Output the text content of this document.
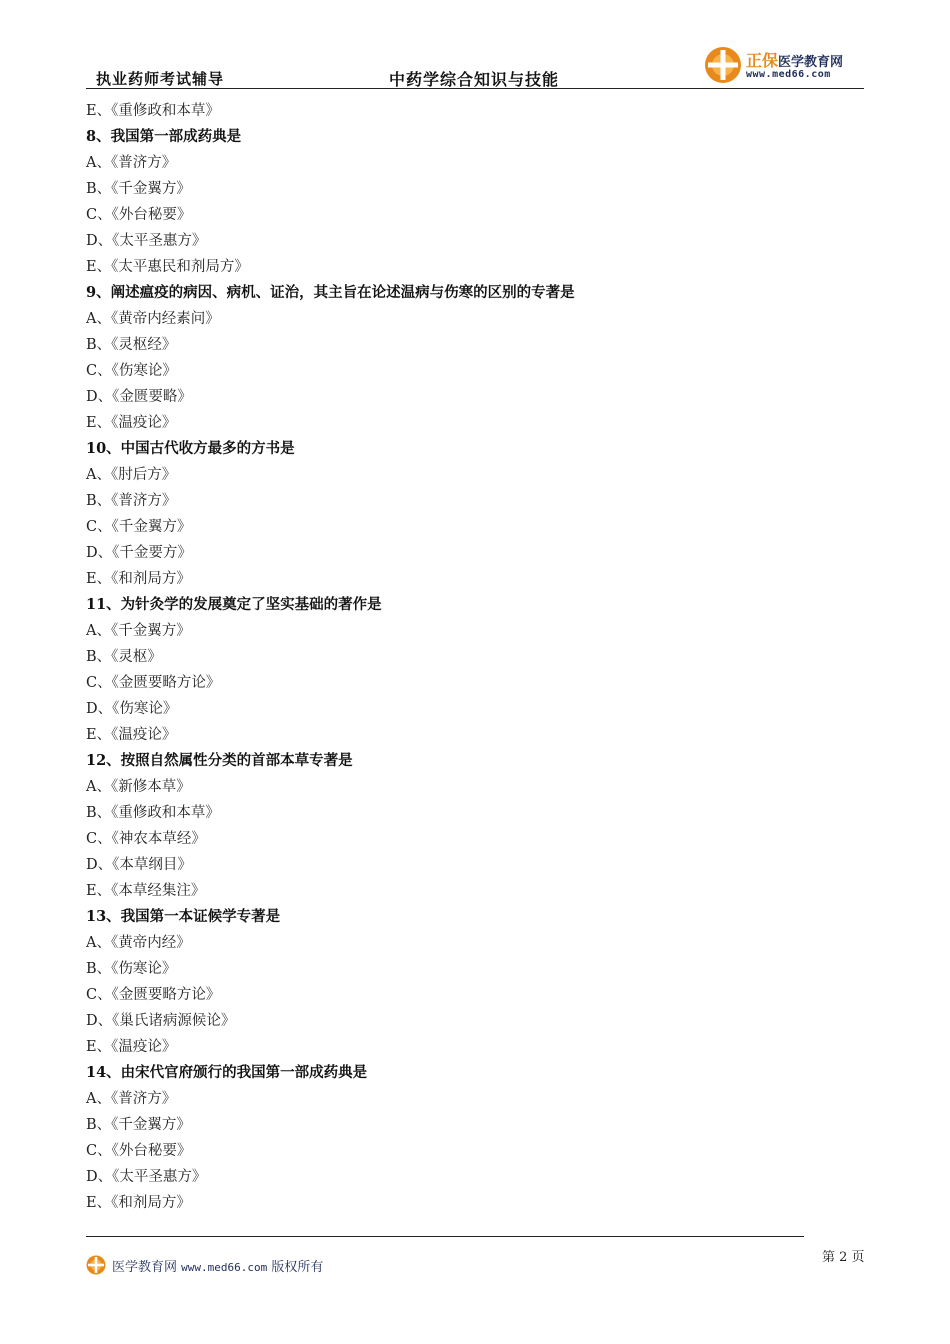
执业药师考试辅导	中药学综合知识与技能
正保医学教育网
www.med66.com
E、《重修政和本草》
8、我国第一部成药典是
A、《普济方》
B、《千金翼方》
C、《外台秘要》
D、《太平圣惠方》
E、《太平惠民和剂局方》
9、阐述瘟疫的病因、病机、证治，其主旨在论述温病与伤寒的区别的专著是
A、《黄帝内经素问》
B、《灵枢经》
C、《伤寒论》
D、《金匮要略》
E、《温疫论》
10、中国古代收方最多的方书是
A、《肘后方》
B、《普济方》
C、《千金翼方》
D、《千金要方》
E、《和剂局方》
11、为针灸学的发展奠定了坚实基础的著作是
A、《千金翼方》
B、《灵枢》
C、《金匮要略方论》
D、《伤寒论》
E、《温疫论》
12、按照自然属性分类的首部本草专著是
A、《新修本草》
B、《重修政和本草》
C、《神农本草经》
D、《本草纲目》
E、《本草经集注》
13、我国第一本证候学专著是
A、《黄帝内经》
B、《伤寒论》
C、《金匮要略方论》
D、《巢氏诸病源候论》
E、《温疫论》
14、由宋代官府颁行的我国第一部成药典是
A、《普济方》
B、《千金翼方》
C、《外台秘要》
D、《太平圣惠方》
E、《和剂局方》
医学教育网 www.med66.com 版权所有
第 2 页
